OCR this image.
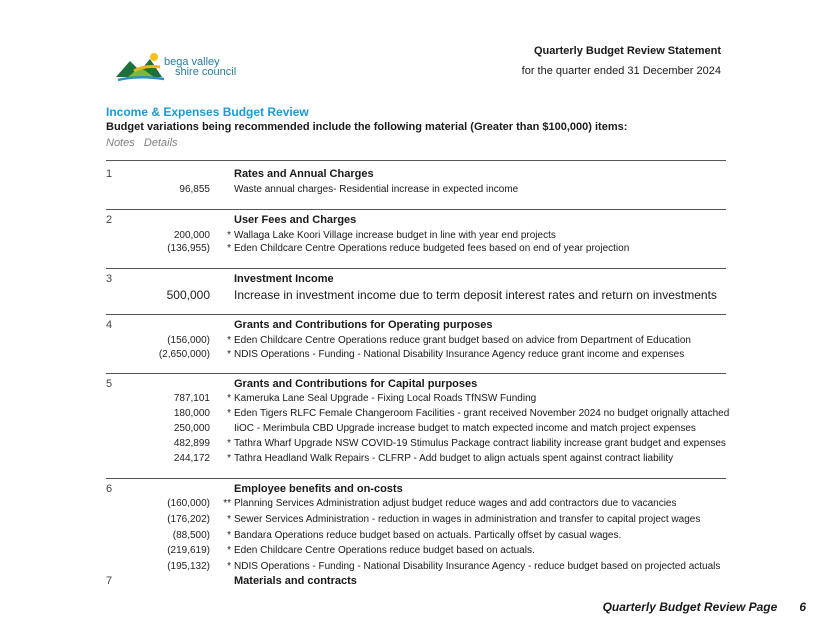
bega valley
shire council
Quarterly Budget Review Statement
for the quarter ended 31 December 2024
Income & Expenses Budget Review
Budget variations being recommended include the following material (Greater than $100,000) items:
Notes Details
1	Rates and Annual Charges
96,855 Waste annual charges- Residential increase in expected income
2	User Fees and Charges
200,000	* Wallaga Lake Koori Village increase budget in line with year end projects
(136,955)	* Eden Childcare Centre Operations reduce budgeted fees based on end of year projection
3	Investment Income
500,000 Increase in investment income due to term deposit interest rates and return on investments
4	Grants and Contributions for Operating purposes
(156,000)	* Eden Childcare Centre Operations reduce grant budget based on advice from Department of Education
(2,650,000)	* NDIS Operations - Funding - National Disability Insurance Agency reduce grant income and expenses
5	Grants and Contributions for Capital purposes
787,101	* Kameruka Lane Seal Upgrade - Fixing Local Roads TfNSW Funding
180,000	* Eden Tigers RLFC Female Changeroom Facilities - grant received November 2024 no budget orignally attached
250,000 IiOC - Merimbula CBD Upgrade increase budget to match expected income and match project expenses
482,899	* Tathra Wharf Upgrade NSW COVID-19 Stimulus Package contract liability increase grant budget and expenses
244,172	* Tathra Headland Walk Repairs - CLFRP - Add budget to align actuals spent against contract liability
6	Employee benefits and on-costs
(160,000)	** Planning Services Administration adjust budget reduce wages and add contractors due to vacancies
(176,202)	* Sewer Services Administration - reduction in wages in administration and transfer to capital project wages
(88,500)	* Bandara Operations reduce budget based on actuals. Partically offset by casual wages.
(219,619)	* Eden Childcare Centre Operations reduce budget based on actuals.
(195,132)	* NDIS Operations - Funding - National Disability Insurance Agency - reduce budget based on projected actuals
7	Materials and contracts
Quarterly Budget Review Page 6
